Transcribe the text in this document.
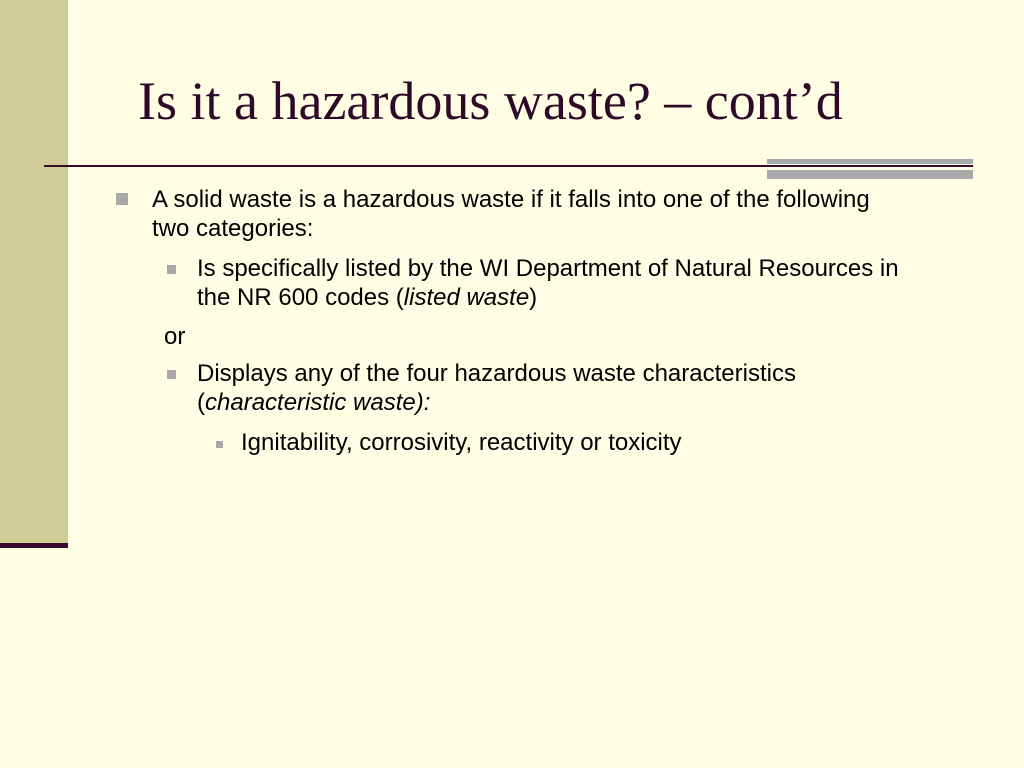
Is it a hazardous waste? – cont’d
A solid waste is a hazardous waste if it falls into one of the following two categories:
Is specifically listed by the WI Department of Natural Resources in the NR 600 codes (listed waste)
or
Displays any of the four hazardous waste characteristics (characteristic waste):
Ignitability, corrosivity, reactivity or toxicity
